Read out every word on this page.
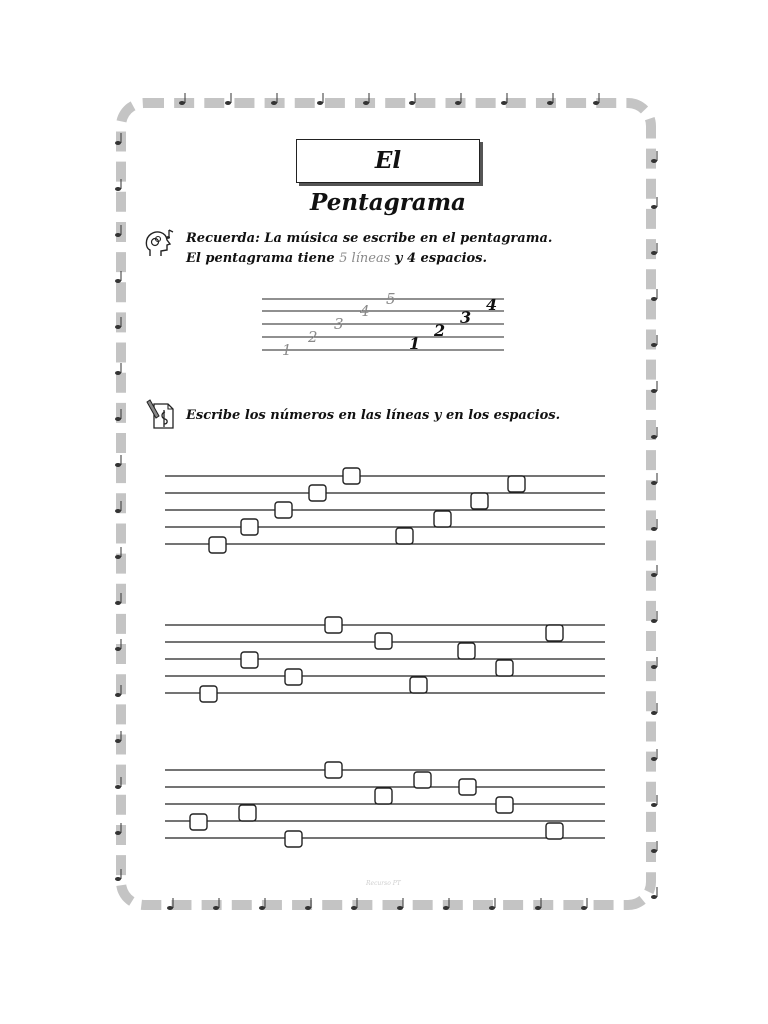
El Pentagrama
Recuerda: La música se escribe en el pentagrama.
El pentagrama tiene 5 líneas y 4 espacios.
1
2
3
4
5
1
2
3
4
Escribe los números en las líneas y en los espacios.
Recurso PT
